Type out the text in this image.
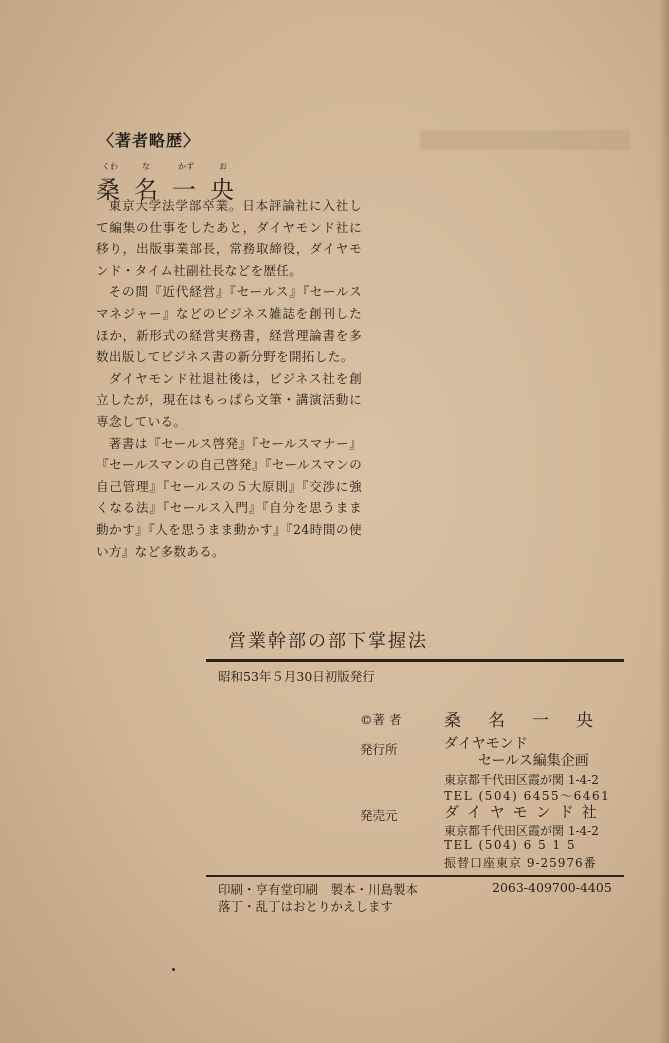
〈著者略歴〉
くわ	な	かず	お
桑名一央

東京大学法学部卒業。日本評論社に入社して編集の仕事をしたあと，ダイヤモンド社に移り，出版事業部長，常務取締役，ダイヤモンド・タイム社副社長などを歴任。

その間『近代経営』『セールス』『セールスマネジャー』などのビジネス雑誌を創刊したほか，新形式の経営実務書，経営理論書を多数出版してビジネス書の新分野を開拓した。

ダイヤモンド社退社後は，ビジネス社を創立したが，現在はもっぱら文筆・講演活動に専念している。

著書は『セールス啓発』『セールスマナー』『セールスマンの自己啓発』『セールスマンの自己管理』『セールスの５大原則』『交渉に強くなる法』『セールス入門』『自分を思うまま動かす』『人を思うまま動かす』『24時間の使い方』など多数ある。

営業幹部の部下掌握法
昭和53年５月30日初版発行
©著 者	桑名一央
発行所	ダイヤモンド
セールス編集企画
東京都千代田区霞が関 1-4-2
TEL (504) 6455〜6461
発売元	ダイヤモンド社
東京都千代田区霞が関 1-4-2
TEL (504) 6 5 1 5
振替口座東京 9-25976番
印刷・亨有堂印刷　製本・川島製本	2063-409700-4405
落丁・乱丁はおとりかえします
